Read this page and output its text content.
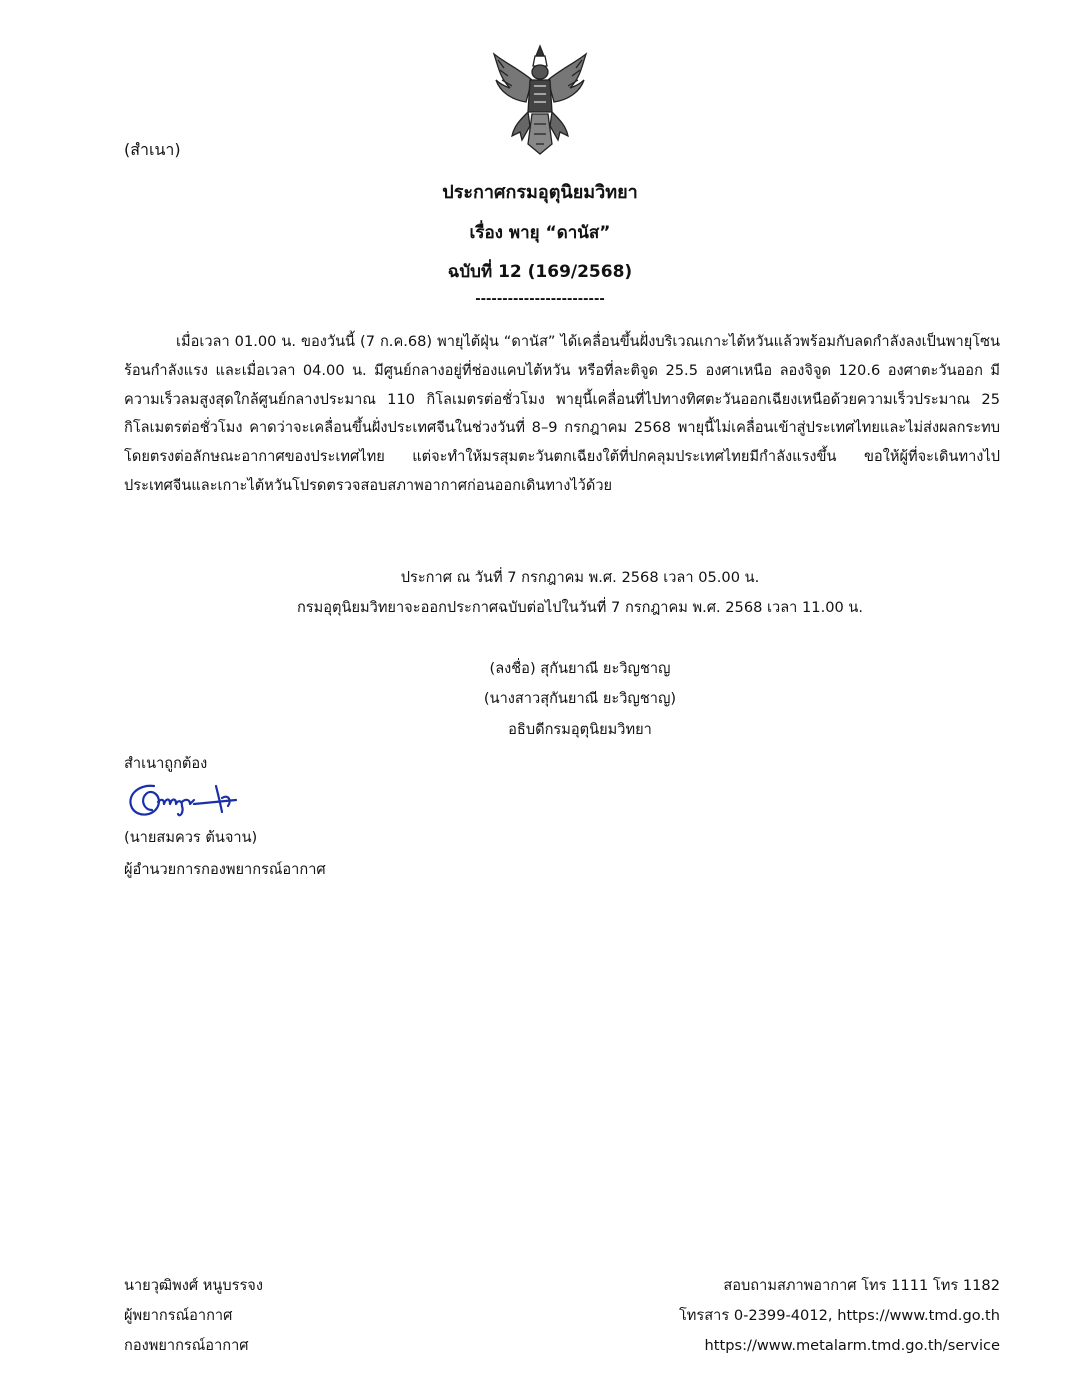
(สำเนา)
ประกาศกรมอุตุนิยมวิทยา
เรื่อง พายุ “ดานัส”
ฉบับที่ 12 (169/2568)
------------------------
เมื่อเวลา 01.00 น. ของวันนี้ (7 ก.ค.68) พายุไต้ฝุ่น “ดานัส” ได้เคลื่อนขึ้นฝั่งบริเวณเกาะไต้หวันแล้วพร้อมกับลดกำลังลงเป็นพายุโซนร้อนกำลังแรง และเมื่อเวลา 04.00 น. มีศูนย์กลางอยู่ที่ช่องแคบไต้หวัน หรือที่ละติจูด 25.5 องศาเหนือ ลองจิจูด 120.6 องศาตะวันออก มีความเร็วลมสูงสุดใกล้ศูนย์กลางประมาณ 110 กิโลเมตรต่อชั่วโมง พายุนี้เคลื่อนที่ไปทางทิศตะวันออกเฉียงเหนือด้วยความเร็วประมาณ 25 กิโลเมตรต่อชั่วโมง คาดว่าจะเคลื่อนขึ้นฝั่งประเทศจีนในช่วงวันที่ 8–9 กรกฎาคม 2568 พายุนี้ไม่เคลื่อนเข้าสู่ประเทศไทยและไม่ส่งผลกระทบโดยตรงต่อลักษณะอากาศของประเทศไทย แต่จะทำให้มรสุมตะวันตกเฉียงใต้ที่ปกคลุมประเทศไทยมีกำลังแรงขึ้น ขอให้ผู้ที่จะเดินทางไปประเทศจีนและเกาะไต้หวันโปรดตรวจสอบสภาพอากาศก่อนออกเดินทางไว้ด้วย
ประกาศ ณ วันที่ 7 กรกฎาคม พ.ศ. 2568 เวลา 05.00 น.
กรมอุตุนิยมวิทยาจะออกประกาศฉบับต่อไปในวันที่ 7 กรกฎาคม พ.ศ. 2568 เวลา 11.00 น.
(ลงชื่อ) สุกันยาณี ยะวิญชาญ
(นางสาวสุกันยาณี ยะวิญชาญ)
อธิบดีกรมอุตุนิยมวิทยา
สำเนาถูกต้อง
(นายสมควร ต้นจาน)
ผู้อำนวยการกองพยากรณ์อากาศ
นายวุฒิพงศ์ หนูบรรจง
ผู้พยากรณ์อากาศ
กองพยากรณ์อากาศ
สอบถามสภาพอากาศ โทร 1111 โทร 1182
โทรสาร 0-2399-4012, https://www.tmd.go.th
https://www.metalarm.tmd.go.th/service
